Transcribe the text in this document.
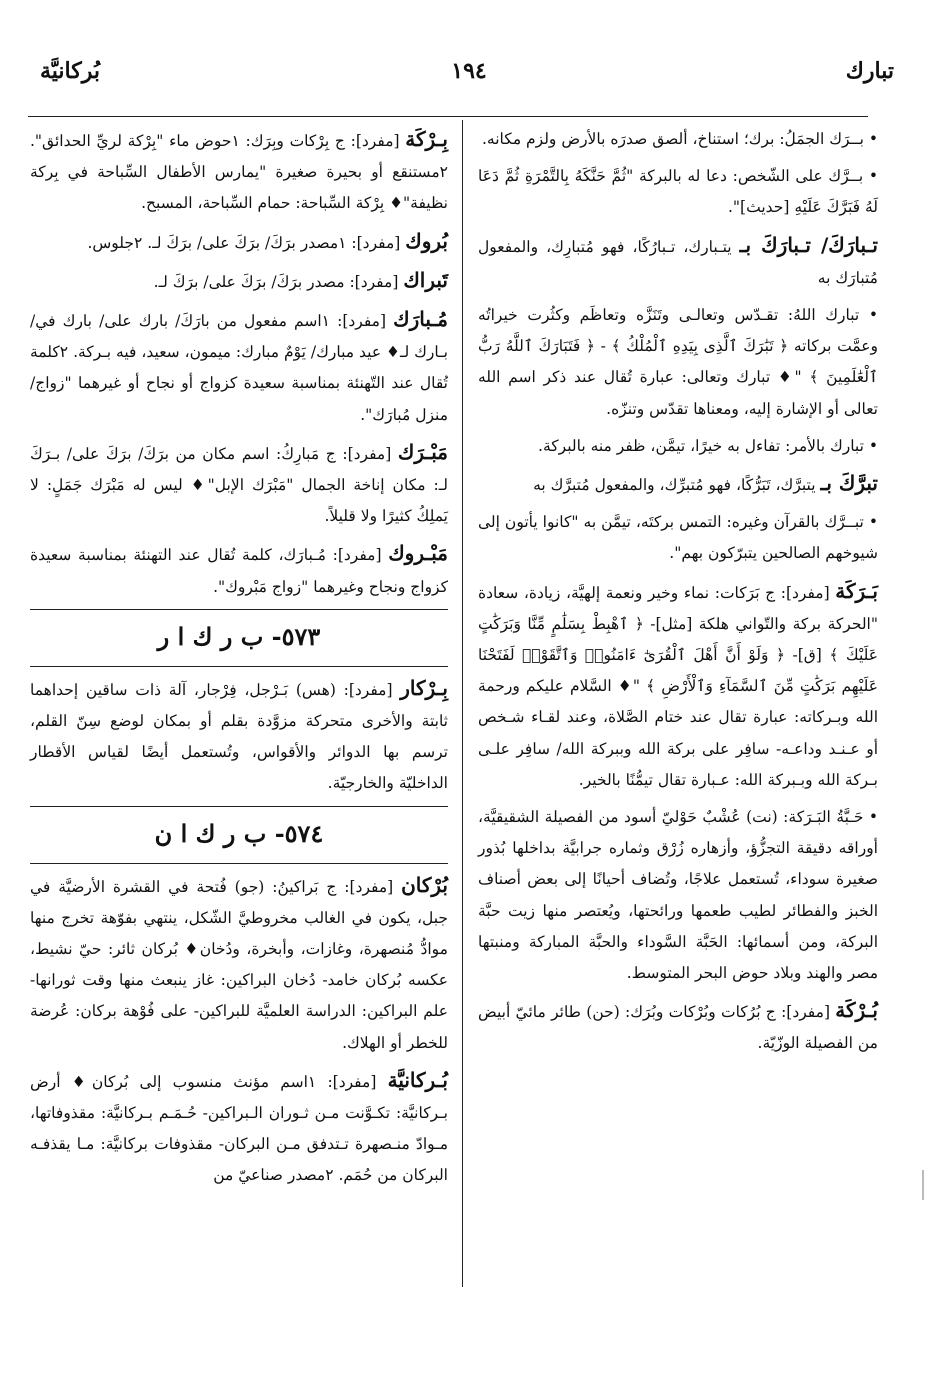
تبارك
١٩٤
بُركانيَّة

• بــرَك الجمَلُ: برك؛ استناخ، ألصق صدرَه بالأرض ولزم مكانه.

• بــرَّك على الشّخص: دعا له بالبركة "ثُمَّ حَنَّكَهُ بِالتَّمْرَةِ ثُمَّ دَعَا لَهُ فَبَرَّكَ عَلَيْهِ [حديث]".

تـبارَكَ/ تـبارَكَ بـ يتـبارك، تـبارُكًا، فهو مُتبارِك، والمفعول مُتبارَك به

• تبارك اللهُ: تقـدّس وتعالـى وتَنَزَّه وتعاظَم وكثُرت خيراتُه وعمَّت بركاته ﴿ تَبَٰرَكَ ٱلَّذِى بِيَدِهِ ٱلْمُلْكُ ﴾ - ﴿ فَتَبَارَكَ ٱللَّهُ رَبُّ ٱلْعَٰلَمِينَ ﴾ "♦ تبارك وتعالى: عبارة تُقال عند ذكر اسم الله تعالى أو الإشارة إليه، ومعناها تقدّس وتنزّه.

• تبارك بالأمر: تفاءل به خيرًا، تيمَّن، ظفر منه بالبركة.

تبرَّكَ بـ يتبرَّك، تَبَرُّكًا، فهو مُتبرِّك، والمفعول مُتبرَّك به

• تبــرَّك بالقرآن وغيره: التمس بركتَه، تيمَّن به "كانوا يأتون إلى شيوخهم الصالحين يتبرّكون بهم".

بَـرَكَة [مفرد]: ج بَرَكات: نماء وخير ونعمة إلهيَّة، زيادة، سعادة "الحركة بركة والتّواني هلكة [مثل]- ﴿ ٱهْبِطْ بِسَلَٰمٍ مِّنَّا وَبَرَكَٰتٍ عَلَيْكَ ﴾ [ق]- ﴿ وَلَوْ أَنَّ أَهْلَ ٱلْقُرَىٰٓ ءَامَنُوا۟ وَٱتَّقَوْا۟ لَفَتَحْنَا عَلَيْهِم بَرَكَٰتٍ مِّنَ ٱلسَّمَآءِ وَٱلْأَرْضِ ﴾ "♦ السَّلام عليكم ورحمة الله وبـركاته: عبارة تقال عند ختام الصَّلاة، وعند لقـاء شـخص أو عـنـد وداعـه- سافِر على بركة الله وببركة الله/ سافِر علـى بـركة الله وبـبركة الله: عـبارة تقال تيمُّنًا بالخير.

• حَـبَّةُ البَـرَكة: (نت) عُشْبٌ حَوْليّ أسود من الفصيلة الشقيقيَّة، أوراقه دقيقة التجزُّؤ، وأزهاره زُرْق وثماره جرابيَّة بداخلها بُذور صغيرة سوداء، تُستعمل علاجًا، وتُضاف أحيانًا إلى بعض أصناف الخبز والفطائر لطيب طعمها ورائحتها، ويُعتصر منها زيت حبَّة البركة، ومن أسمائها: الحَبَّة السَّوداء والحبَّة المباركة ومنبتها مصر والهند وبلاد حوض البحر المتوسط.

بُـرْكَة [مفرد]: ج بُرُكات وبُرْكات وبُرَك: (حن) طائر مائيّ أبيض من الفصيلة الوزّيّة.

بِـرْكَة [مفرد]: ج بِرْكات وبِرَك: ١حوض ماء "بِرْكة لريِّ الحدائق". ٢مستنقع أو بحيرة صغيرة "يمارس الأطفال السِّباحة في بِركة نظيفة"♦ بِرْكة السِّباحة: حمام السِّباحة، المسبح.

بُروك [مفرد]: ١مصدر برَكَ/ برَكَ على/ برَكَ لـ. ٢جلوس.

تَبراك [مفرد]: مصدر برَكَ/ برَكَ على/ برَكَ لـ.

مُـبارَك [مفرد]: ١اسم مفعول من بارَكَ/ بارك على/ بارك في/ بـارك لـ♦ عيد مبارك/ يَوْمٌ مبارك: ميمون، سعيد، فيه بـركة. ٢كلمة تُقال عند التّهنئة بمناسبة سعيدة كزواج أو نجاح أو غيرهما "زواج/ منزل مُبارَك".

مَبْـرَك [مفرد]: ج مَبارِكُ: اسم مكان من برَكَ/ برَكَ على/ بـرَكَ لـ: مكان إناخة الجمال "مَبْرَك الإبل"♦ ليس له مَبْرَك جَمَلٍ: لا يَملِكُ كثيرًا ولا قليلاً.

مَبْـروك [مفرد]: مُـبارَك، كلمة تُقال عند التهنئة بمناسبة سعيدة كزواج ونجاح وغيرهما "زواج مَبْروك".

٥٧٣- ب ر ك ا ر

بِـرْكار [مفرد]: (هس) بَـرْجل، فِرْجار، آلة ذات ساقين إحداهما ثابتة والأخرى متحركة مزوَّدة بقلم أو بمكان لوضع سِنّ القلم، ترسم بها الدوائر والأقواس، وتُستعمل أيضًا لقياس الأقطار الداخليّة والخارجيّة.

٥٧٤- ب ر ك ا ن

بُرْكان [مفرد]: ج بَراكينُ: (جو) فُتحة في القشرة الأرضيَّة في جبل، يكون في الغالب مخروطيَّ الشّكل، ينتهي بفوّهة تخرج منها موادُّ مُنصهرة، وغازات، وأبخرة، ودُخان♦ بُركان ثائر: حيّ نشيط، عكسه بُركان خامد- دُخان البراكين: غاز ينبعث منها وقت ثورانها- علم البراكين: الدراسة العلميَّة للبراكين- على فُوْهة بركان: عُرضة للخطر أو الهلاك.

بُـركانيَّة [مفرد]: ١اسم مؤنث منسوب إلى بُركان♦ أرض بـركانيَّة: تكـوَّنت مـن ثـوران الـبراكين- حُـمَـم بـركانيَّة: مقذوفاتها، مـوادّ منـصهرة تـتدفق مـن البركان- مقذوفات بركانيَّة: مـا يقذفـه البركان من حُمَم. ٢مصدر صناعيّ من
